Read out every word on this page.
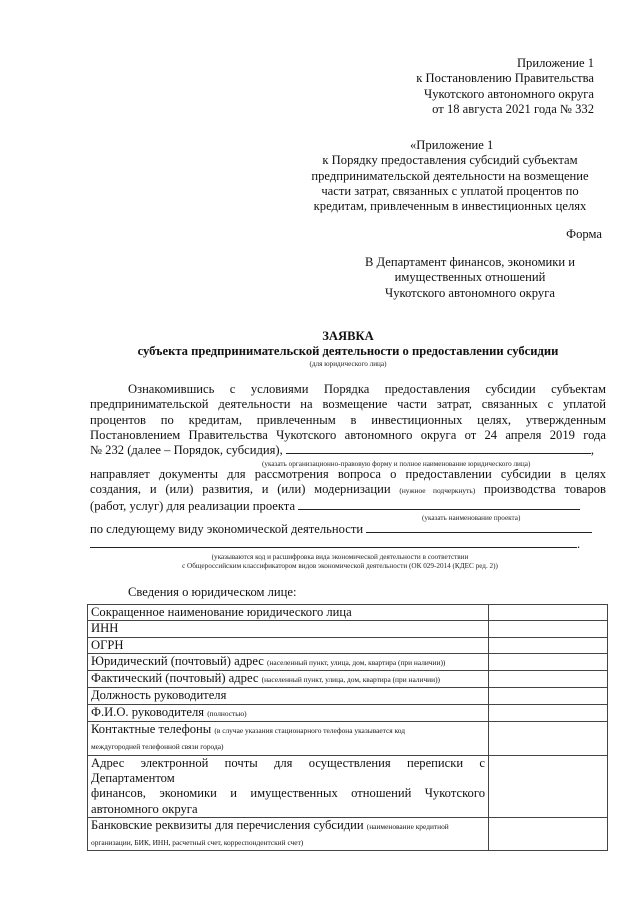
Приложение 1
к Постановлению Правительства
Чукотского автономного округа
от 18 августа 2021 года № 332
«Приложение 1
к Порядку предоставления субсидий субъектам
предпринимательской деятельности на возмещение
части затрат, связанных с уплатой процентов по
кредитам, привлеченным в инвестиционных целях
Форма
В Департамент финансов, экономики и
имущественных отношений
Чукотского автономного округа
ЗАЯВКА
субъекта предпринимательской деятельности о предоставлении субсидии
(для юридического лица)
Ознакомившись с условиями Порядка предоставления субсидии субъектам
предпринимательской деятельности на возмещение части затрат, связанных с уплатой
процентов по кредитам, привлеченным в инвестиционных целях, утвержденным
Постановлением Правительства Чукотского автономного округа от 24 апреля 2019 года
№ 232 (далее – Порядок, субсидия),	,
(указать организационно-правовую форму и полное наименование юридического лица)
направляет документы для рассмотрения вопроса о предоставлении субсидии в целях
создания, и (или) развития, и (или) модернизации (нужное подчеркнуть) производства товаров
(работ, услуг) для реализации проекта
(указать наименование проекта)
по следующему виду экономической деятельности
.
(указываются код и расшифровка вида экономической деятельности в соответствии
с Общероссийским классификатором видов экономической деятельности (ОК 029-2014 (КДЕС ред. 2))
Сведения о юридическом лице:
Сокращенное наименование юридического лица	
ИНН	
ОГРН	
Юридический (почтовый) адрес (населенный пункт, улица, дом, квартира (при наличии))	
Фактический (почтовый) адрес (населенный пункт, улица, дом, квартира (при наличии))	
Должность руководителя	
Ф.И.О. руководителя (полностью)	
Контактные телефоны (в случае указания стационарного телефона указывается код
междугородней телефонной связи города)	

Адрес электронной почты для осуществления переписки с Департаментом
финансов, экономики и имущественных отношений Чукотского
автономного округа	

Банковские реквизиты для перечисления субсидии (наименование кредитной
организации, БИК, ИНН, расчетный счет, корреспондентский счет)	
